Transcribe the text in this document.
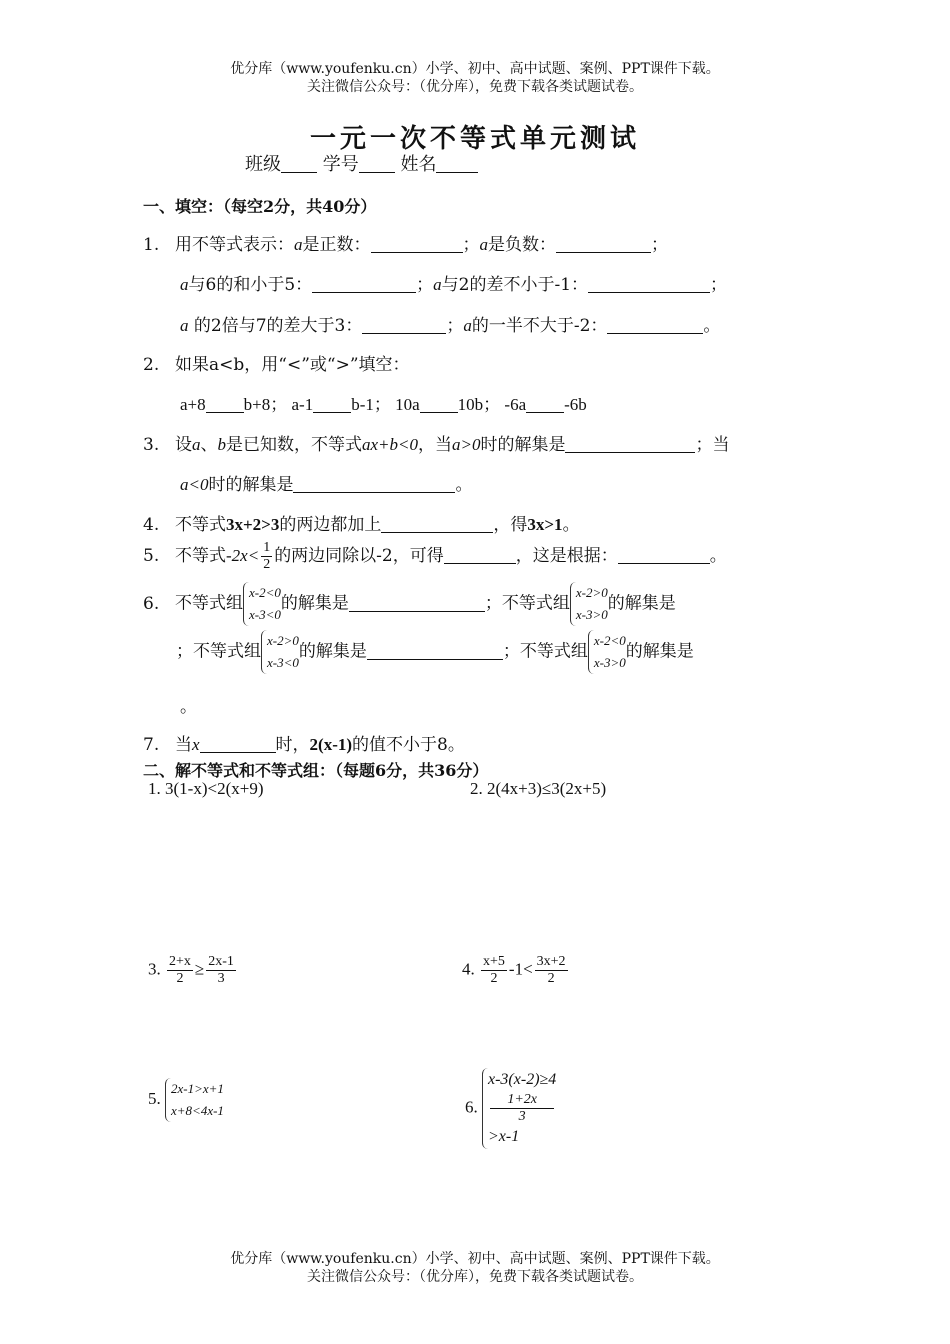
优分库（www.youfenku.cn）小学、初中、高中试题、案例、PPT课件下载。
关注微信公众号：（优分库），免费下载各类试题试卷。
一元一次不等式单元测试
班级 学号 姓名
一、填空：（每空2分，共40分）
1. 用不等式表示：a是正数：	；a是负数：	；
a与6的和小于5：	；a与2的差不小于-1：	；
a 的2倍与7的差大于3：	；a的一半不大于-2：	。
2. 如果a<b，用“<”或“>”填空：
a+8 b+8； a-1 b-1； 10a 10b； -6a -6b
3. 设a、b是已知数，不等式ax+b<0，当a>0时的解集是	；当
a<0时的解集是	。
4. 不等式3x+2>3的两边都加上	，得3x>1。
5. 不等式$-2x< \frac{1}{2}$ 的两边同除以-2，可得	，这是根据：	。
6. 不等式组
x-2<0
x-3<0
的解集是	；不等式组
x-2>0
x-3>0
的解集是
；不等式组
x-2>0
x-3<0
的解集是	；不等式组
x-2<0
x-3>0
的解集是
。
7. 当x	时，2(x-1)的值不小于8。
二、解不等式和不等式组：（每题6分，共36分）
1. 3(1-x)<2(x+9)	2. 2(4x+3)≤3(2x+5)
3. $\frac{2+x}{2} \ge \frac{2x-1}{3}$	4. $\frac{x+5}{2} -1< \frac{3x+2}{2}$
5.
2x-1>x+1
x+8<4x-1	6.
x-3(x-2)≥4
1+2x
3
>x-1
优分库（www.youfenku.cn）小学、初中、高中试题、案例、PPT课件下载。
关注微信公众号：（优分库），免费下载各类试题试卷。
